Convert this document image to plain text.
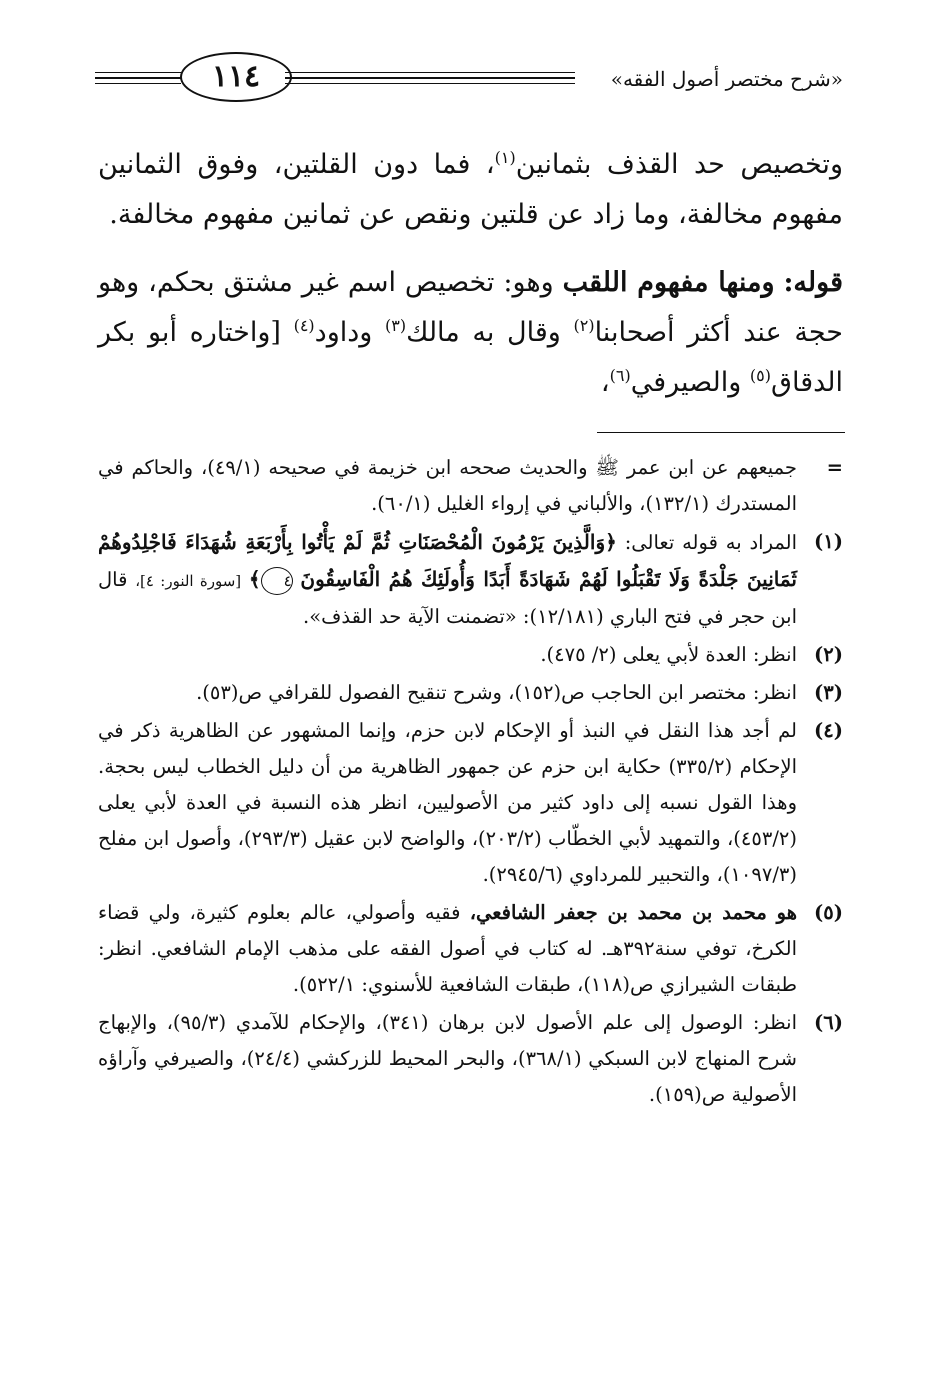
«شرح مختصر أصول الفقه»
١١٤
وتخصيص حد القذف بثمانين$^{(١)}$، فما دون القلتين، وفوق الثمانين مفهوم مخالفة، وما زاد عن قلتين ونقص عن ثمانين مفهوم مخالفة.
قوله: ومنها مفهوم اللقب وهو: تخصيص اسم غير مشتق بحكم، وهو حجة عند أكثر أصحابنا$^{(٢)}$ وقال به مالك$^{(٣)}$ وداود$^{(٤)}$ [واختاره أبو بكر الدقاق$^{(٥)}$ والصيرفي$^{(٦)}$،

=
جميعهم عن ابن عمر ﷺ والحديث صححه ابن خزيمة في صحيحه (٤٩/١)، والحاكم في المستدرك (١٣٢/١)، والألباني في إرواء الغليل (٦٠/١).

(١)
المراد به قوله تعالى: ﴿وَالَّذِينَ يَرْمُونَ الْمُحْصَنَاتِ ثُمَّ لَمْ يَأْتُوا بِأَرْبَعَةِ شُهَدَاءَ فَاجْلِدُوهُمْ ثَمَانِينَ جَلْدَةً وَلَا تَقْبَلُوا لَهُمْ شَهَادَةً أَبَدًا وَأُولَئِكَ هُمُ الْفَاسِقُونَ ٤﴾ [سورة النور: ٤]، قال ابن حجر في فتح الباري (١٢/١٨١): «تضمنت الآية حد القذف».

(٢)
انظر: العدة لأبي يعلى (٢/ ٤٧٥).

(٣)
انظر: مختصر ابن الحاجب ص(١٥٢)، وشرح تنقيح الفصول للقرافي ص(٥٣).

(٤)
لم أجد هذا النقل في النبذ أو الإحكام لابن حزم، وإنما المشهور عن الظاهرية ذكر في الإحكام (٣٣٥/٢) حكاية ابن حزم عن جمهور الظاهرية من أن دليل الخطاب ليس بحجة. وهذا القول نسبه إلى داود كثير من الأصوليين، انظر هذه النسبة في العدة لأبي يعلى (٤٥٣/٢)، والتمهيد لأبي الخطّاب (٢٠٣/٢)، والواضح لابن عقيل (٢٩٣/٣)، وأصول ابن مفلح (١٠٩٧/٣)، والتحبير للمرداوي (٢٩٤٥/٦).

(٥)
هو محمد بن محمد بن جعفر الشافعي، فقيه وأصولي، عالم بعلوم كثيرة، ولي قضاء الكرخ، توفي سنة٣٩٢هـ. له كتاب في أصول الفقه على مذهب الإمام الشافعي. انظر: طبقات الشيرازي ص(١١٨)، طبقات الشافعية للأسنوي: ٥٢٢/١).

(٦)
انظر: الوصول إلى علم الأصول لابن برهان (٣٤١)، والإحكام للآمدي (٩٥/٣)، والإبهاج شرح المنهاج لابن السبكي (٣٦٨/١)، والبحر المحيط للزركشي (٢٤/٤)، والصيرفي وآراؤه الأصولية ص(١٥٩).
